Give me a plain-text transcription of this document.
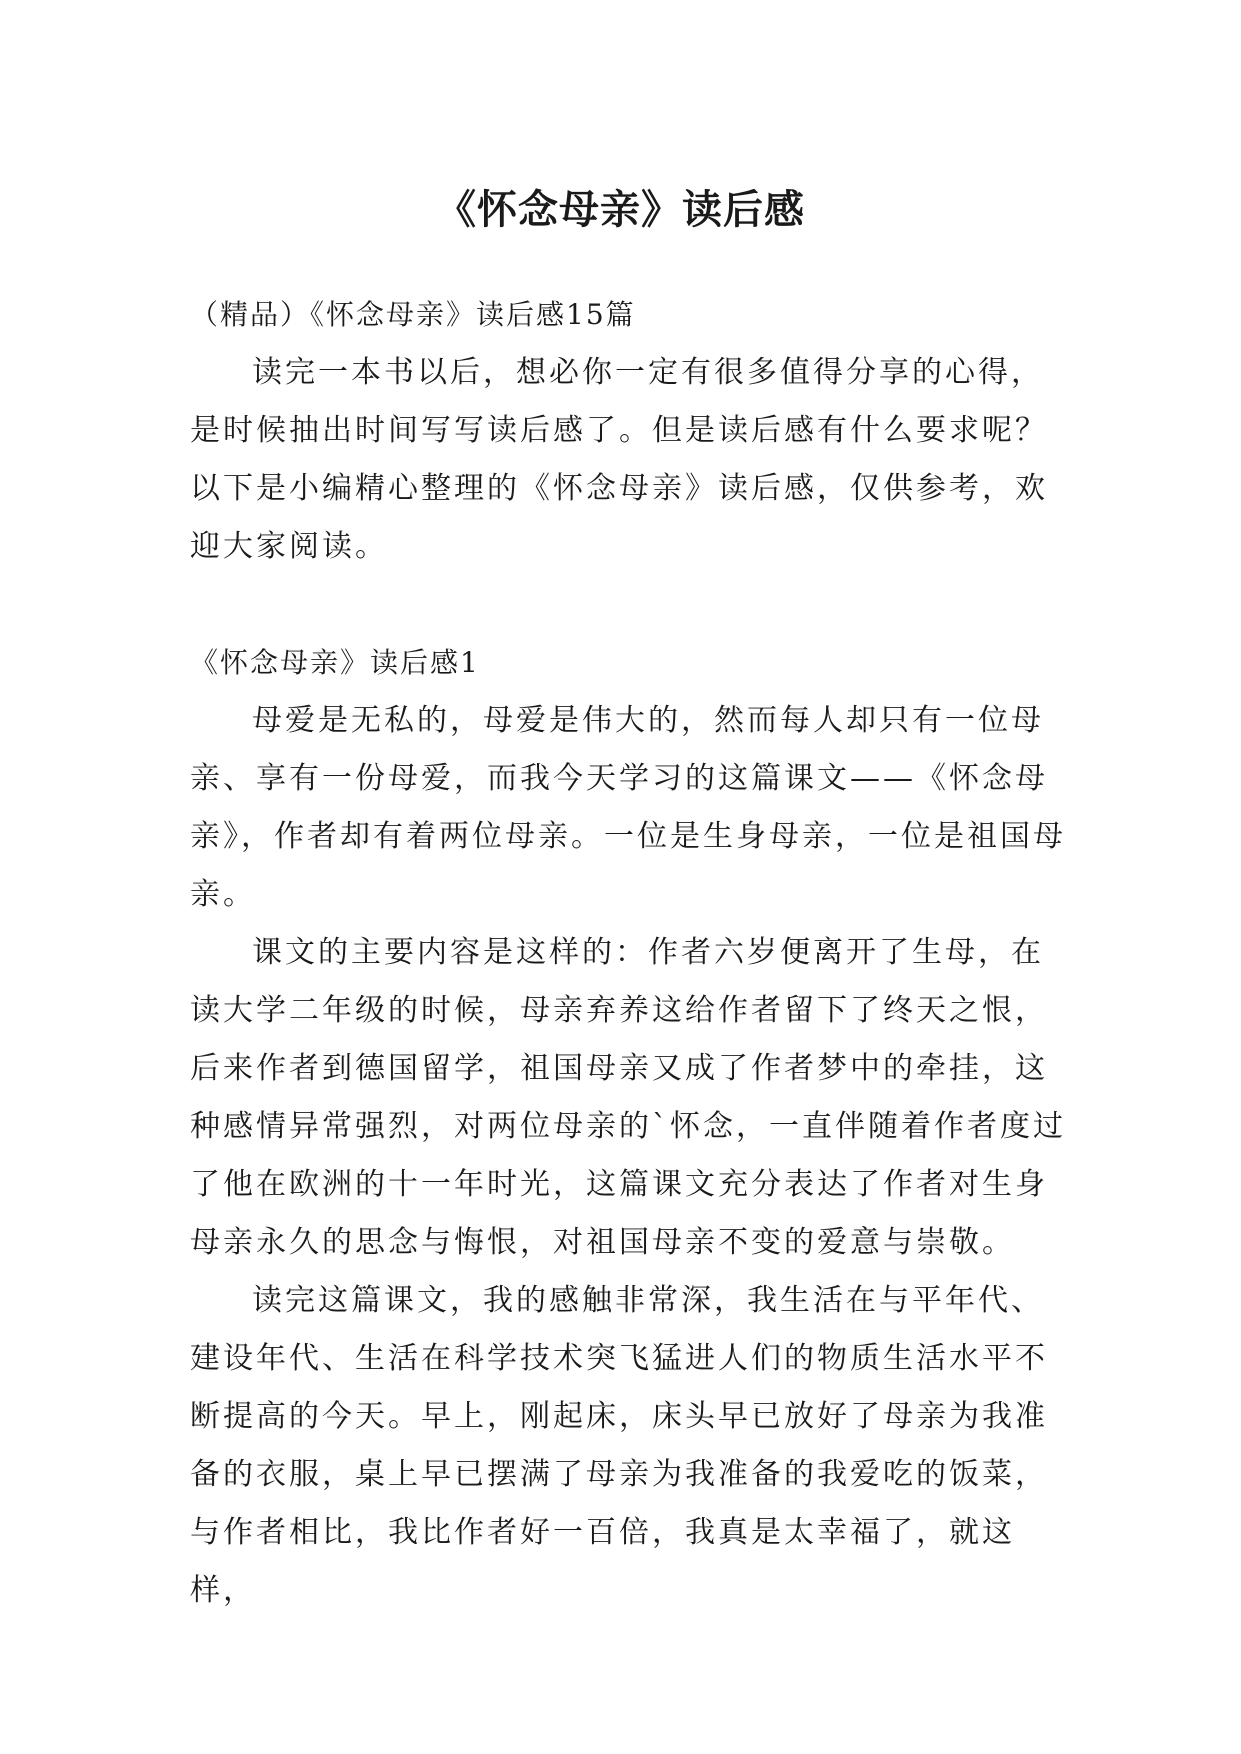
《怀念母亲》读后感

（精品）《怀念母亲》读后感15篇

读完一本书以后，想必你一定有很多值得分享的心得，是时候抽出时间写写读后感了。但是读后感有什么要求呢？以下是小编精心整理的《怀念母亲》读后感，仅供参考，欢迎大家阅读。

《怀念母亲》读后感1

母爱是无私的，母爱是伟大的，然而每人却只有一位母亲、享有一份母爱，而我今天学习的这篇课文——《怀念母亲》，作者却有着两位母亲。一位是生身母亲，一位是祖国母亲。

课文的主要内容是这样的：作者六岁便离开了生母，在读大学二年级的时候，母亲弃养这给作者留下了终天之恨，后来作者到德国留学，祖国母亲又成了作者梦中的牵挂，这种感情异常强烈，对两位母亲的`怀念，一直伴随着作者度过了他在欧洲的十一年时光，这篇课文充分表达了作者对生身母亲永久的思念与悔恨，对祖国母亲不变的爱意与崇敬。

读完这篇课文，我的感触非常深，我生活在与平年代、建设年代、生活在科学技术突飞猛进人们的物质生活水平不断提高的今天。早上，刚起床，床头早已放好了母亲为我准备的衣服，桌上早已摆满了母亲为我准备的我爱吃的饭菜，与作者相比，我比作者好一百倍，我真是太幸福了，就这样，
